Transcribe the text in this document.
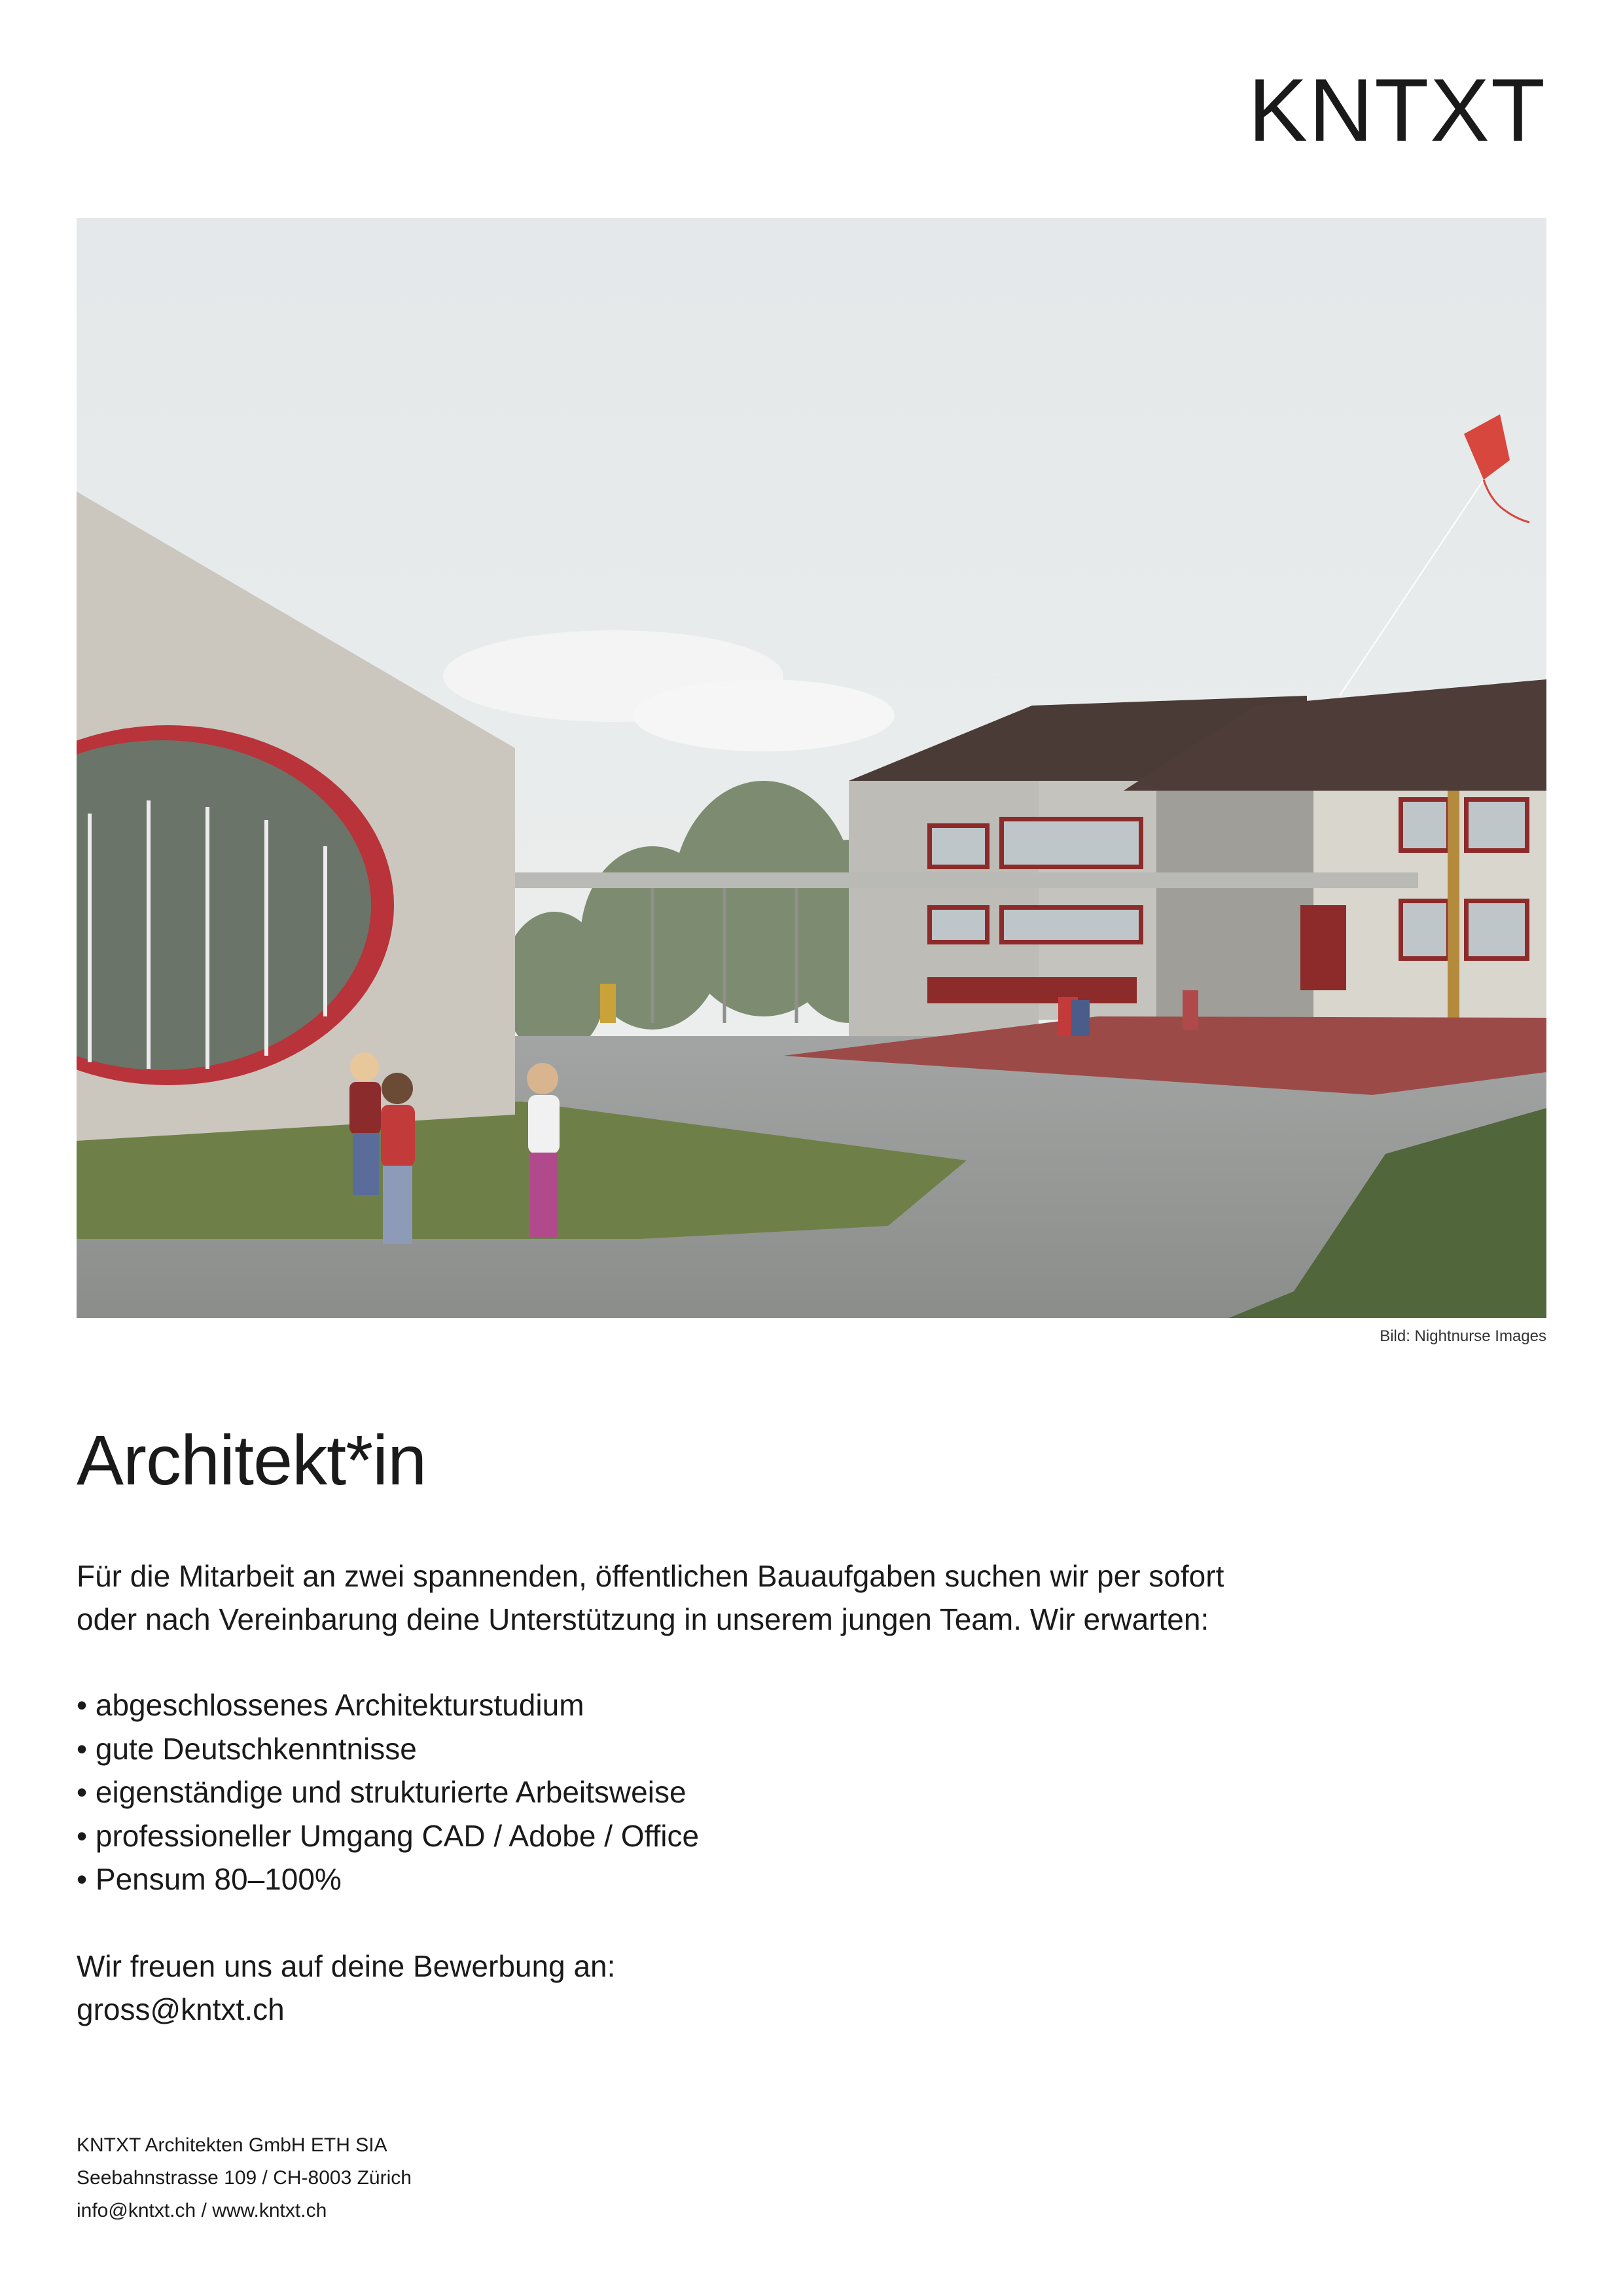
KNTXT
Bild: Nightnurse Images
Architekt*in

Für die Mitarbeit an zwei spannenden, öffentlichen Bauaufgaben suchen wir per sofort
oder nach Vereinbarung deine Unterstützung in unserem jungen Team. Wir erwarten:

• abgeschlossenes Architekturstudium
• gute Deutschkenntnisse
• eigenständige und strukturierte Arbeitsweise
• professioneller Umgang CAD / Adobe / Office
• Pensum 80–100%

Wir freuen uns auf deine Bewerbung an:
gross@kntxt.ch

KNTXT Architekten GmbH ETH SIA
Seebahnstrasse 109 / CH-8003 Zürich
info@kntxt.ch / www.kntxt.ch
